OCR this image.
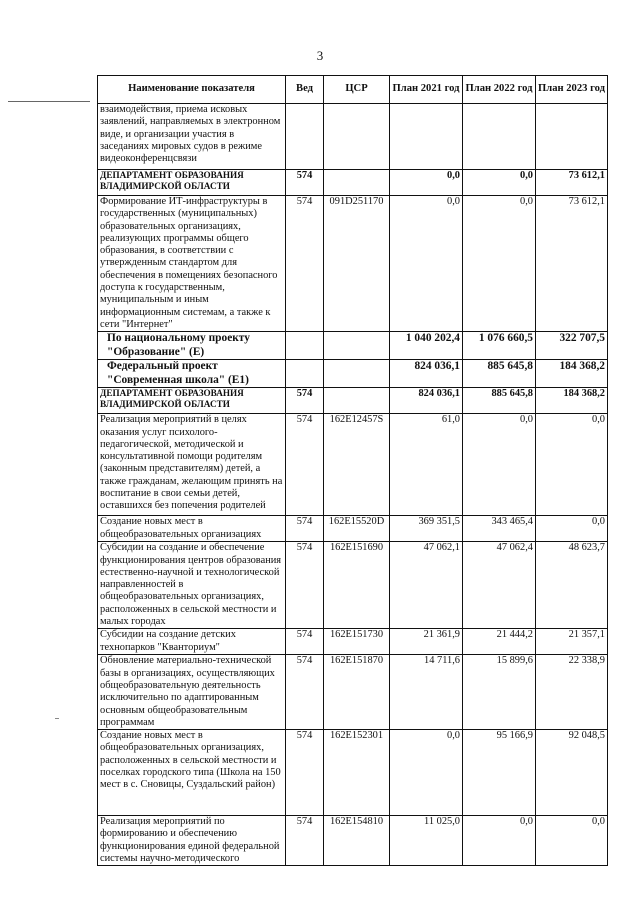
3
Наименование показателя	Вед	ЦСР	План 2021 год	План 2022 год	План 2023 год
взаимодействия, приема исковых заявлений, направляемых в электронном виде, и организации участия в заседаниях мировых судов в режиме видеоконференцсвязи					
ДЕПАРТАМЕНТ ОБРАЗОВАНИЯ ВЛАДИМИРСКОЙ ОБЛАСТИ	574		0,0	0,0	73 612,1
Формирование ИТ-инфраструктуры в государственных (муниципальных) образовательных организациях, реализующих программы общего образования, в соответствии с утвержденным стандартом для обеспечения в помещениях безопасного доступа к государственным, муниципальным и иным информационным системам, а также к сети "Интернет"	574	091D251170	0,0	0,0	73 612,1
По национальному проекту "Образование" (E)			1 040 202,4	1 076 660,5	322 707,5
Федеральный проект "Современная школа" (E1)			824 036,1	885 645,8	184 368,2
ДЕПАРТАМЕНТ ОБРАЗОВАНИЯ ВЛАДИМИРСКОЙ ОБЛАСТИ	574		824 036,1	885 645,8	184 368,2
Реализация мероприятий в целях оказания услуг психолого-педагогической, методической и консультативной помощи родителям (законным представителям) детей, а также гражданам, желающим принять на воспитание в свои семьи детей, оставшихся без попечения родителей	574	162E12457S	61,0	0,0	0,0
Создание новых мест в общеобразовательных организациях	574	162E15520D	369 351,5	343 465,4	0,0
Субсидии на создание и обеспечение функционирования центров образования естественно-научной и технологической направленностей в общеобразовательных организациях, расположенных в сельской местности и малых городах	574	162E151690	47 062,1	47 062,4	48 623,7
Субсидии на создание детских технопарков "Кванториум"	574	162E151730	21 361,9	21 444,2	21 357,1
Обновление материально-технической базы в организациях, осуществляющих общеобразовательную деятельность исключительно по адаптированным основным общеобразовательным программам	574	162E151870	14 711,6	15 899,6	22 338,9
Создание новых мест в общеобразовательных организациях, расположенных в сельской местности и поселках городского типа (Школа на 150 мест в с. Сновицы, Суздальский район)	574	162E152301	0,0	95 166,9	92 048,5
Реализация мероприятий по формированию и обеспечению функционирования единой федеральной системы научно-методического	574	162E154810	11 025,0	0,0	0,0
